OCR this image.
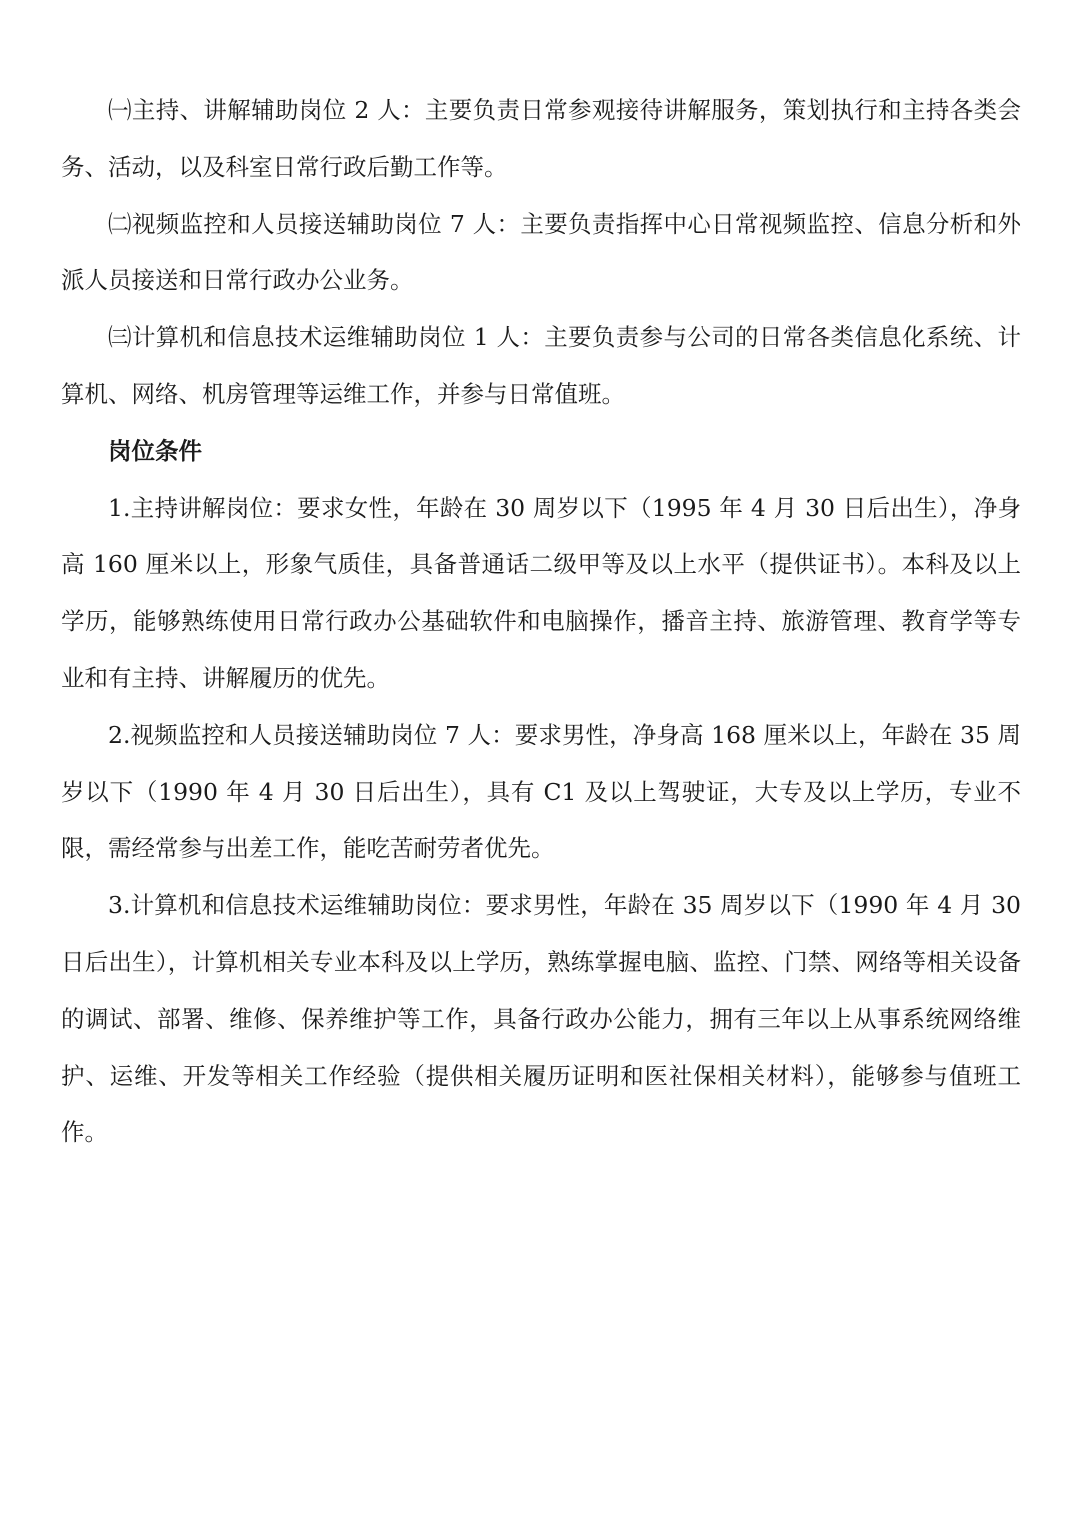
㈠主持、讲解辅助岗位 2 人：主要负责日常参观接待讲解服务，策划执行和主持各类会务、活动，以及科室日常行政后勤工作等。

㈡视频监控和人员接送辅助岗位 7 人：主要负责指挥中心日常视频监控、信息分析和外派人员接送和日常行政办公业务。

㈢计算机和信息技术运维辅助岗位 1 人：主要负责参与公司的日常各类信息化系统、计算机、网络、机房管理等运维工作，并参与日常值班。

岗位条件

1.主持讲解岗位：要求女性，年龄在 30 周岁以下（1995 年 4 月 30 日后出生），净身高 160 厘米以上，形象气质佳，具备普通话二级甲等及以上水平（提供证书）。本科及以上学历，能够熟练使用日常行政办公基础软件和电脑操作，播音主持、旅游管理、教育学等专业和有主持、讲解履历的优先。

2.视频监控和人员接送辅助岗位 7 人：要求男性，净身高 168 厘米以上，年龄在 35 周岁以下（1990 年 4 月 30 日后出生），具有 C1 及以上驾驶证，大专及以上学历，专业不限，需经常参与出差工作，能吃苦耐劳者优先。

3.计算机和信息技术运维辅助岗位：要求男性，年龄在 35 周岁以下（1990 年 4 月 30 日后出生），计算机相关专业本科及以上学历，熟练掌握电脑、监控、门禁、网络等相关设备的调试、部署、维修、保养维护等工作，具备行政办公能力，拥有三年以上从事系统网络维护、运维、开发等相关工作经验（提供相关履历证明和医社保相关材料），能够参与值班工作。
